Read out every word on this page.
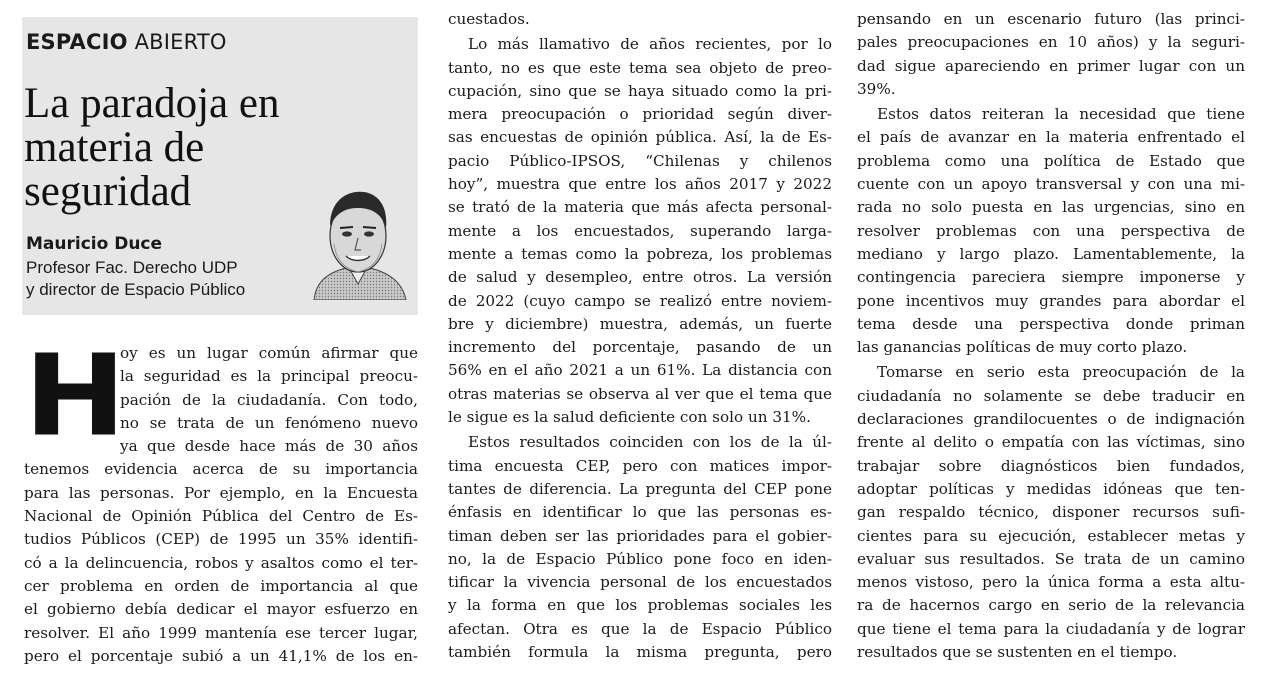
ESPACIO ABIERTO
La paradoja en
materia de
seguridad
Mauricio Duce
Profesor Fac. Derecho UDP
y director de Espacio Público
H
oy es un lugar común afirmar que
la seguridad es la principal preocu-
pación de la ciudadanía. Con todo,
no se trata de un fenómeno nuevo
ya que desde hace más de 30 años
tenemos evidencia acerca de su importancia
para las personas. Por ejemplo, en la Encuesta
Nacional de Opinión Pública del Centro de Es-
tudios Públicos (CEP) de 1995 un 35% identifi-
có a la delincuencia, robos y asaltos como el ter-
cer problema en orden de importancia al que
el gobierno debía dedicar el mayor esfuerzo en
resolver. El año 1999 mantenía ese tercer lugar,
pero el porcentaje subió a un 41,1% de los en-
cuestados.
Lo más llamativo de años recientes, por lo
tanto, no es que este tema sea objeto de preo-
cupación, sino que se haya situado como la pri-
mera preocupación o prioridad según diver-
sas encuestas de opinión pública. Así, la de Es-
pacio Público-IPSOS, “Chilenas y chilenos
hoy”, muestra que entre los años 2017 y 2022
se trató de la materia que más afecta personal-
mente a los encuestados, superando larga-
mente a temas como la pobreza, los problemas
de salud y desempleo, entre otros. La versión
de 2022 (cuyo campo se realizó entre noviem-
bre y diciembre) muestra, además, un fuerte
incremento del porcentaje, pasando de un
56% en el año 2021 a un 61%. La distancia con
otras materias se observa al ver que el tema que
le sigue es la salud deficiente con solo un 31%.
Estos resultados coinciden con los de la úl-
tima encuesta CEP, pero con matices impor-
tantes de diferencia. La pregunta del CEP pone
énfasis en identificar lo que las personas es-
timan deben ser las prioridades para el gobier-
no, la de Espacio Público pone foco en iden-
tificar la vivencia personal de los encuestados
y la forma en que los problemas sociales les
afectan. Otra es que la de Espacio Público
también formula la misma pregunta, pero
pensando en un escenario futuro (las princi-
pales preocupaciones en 10 años) y la seguri-
dad sigue apareciendo en primer lugar con un
39%.
Estos datos reiteran la necesidad que tiene
el país de avanzar en la materia enfrentado el
problema como una política de Estado que
cuente con un apoyo transversal y con una mi-
rada no solo puesta en las urgencias, sino en
resolver problemas con una perspectiva de
mediano y largo plazo. Lamentablemente, la
contingencia pareciera siempre imponerse y
pone incentivos muy grandes para abordar el
tema desde una perspectiva donde priman
las ganancias políticas de muy corto plazo.
Tomarse en serio esta preocupación de la
ciudadanía no solamente se debe traducir en
declaraciones grandilocuentes o de indignación
frente al delito o empatía con las víctimas, sino
trabajar sobre diagnósticos bien fundados,
adoptar políticas y medidas idóneas que ten-
gan respaldo técnico, disponer recursos sufi-
cientes para su ejecución, establecer metas y
evaluar sus resultados. Se trata de un camino
menos vistoso, pero la única forma a esta altu-
ra de hacernos cargo en serio de la relevancia
que tiene el tema para la ciudadanía y de lograr
resultados que se sustenten en el tiempo.
